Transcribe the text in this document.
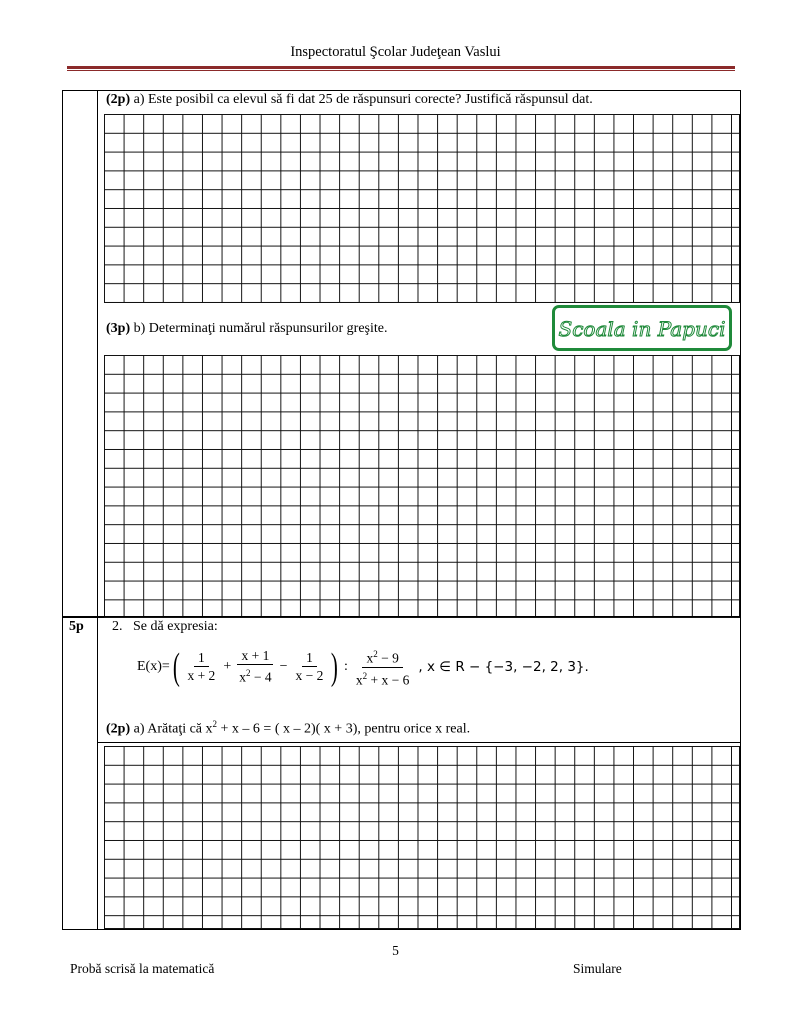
Inspectoratul Şcolar Judeţean Vaslui
(2p) a) Este posibil ca elevul să fi dat 25 de răspunsuri corecte? Justifică răspunsul dat.
(3p) b) Determinaţi numărul răspunsurilor greşite.	Scoala in Papuci
5p 2. Se dă expresia:
E(x)= ( $\frac{1}{x + 2} + \frac{x + 1}{x^2 - 4} - \frac{1}{x - 2}$ ) : $\frac{x^2 - 9}{x^2 + x - 6}$ , x ∈ R − {−3, −2, 2, 3}.
(2p) a) Arătaţi că $x^2 + x - 6$ = ( x – 2)( x + 3), pentru orice x real.
5
Probă scrisă la matematică	Simulare
